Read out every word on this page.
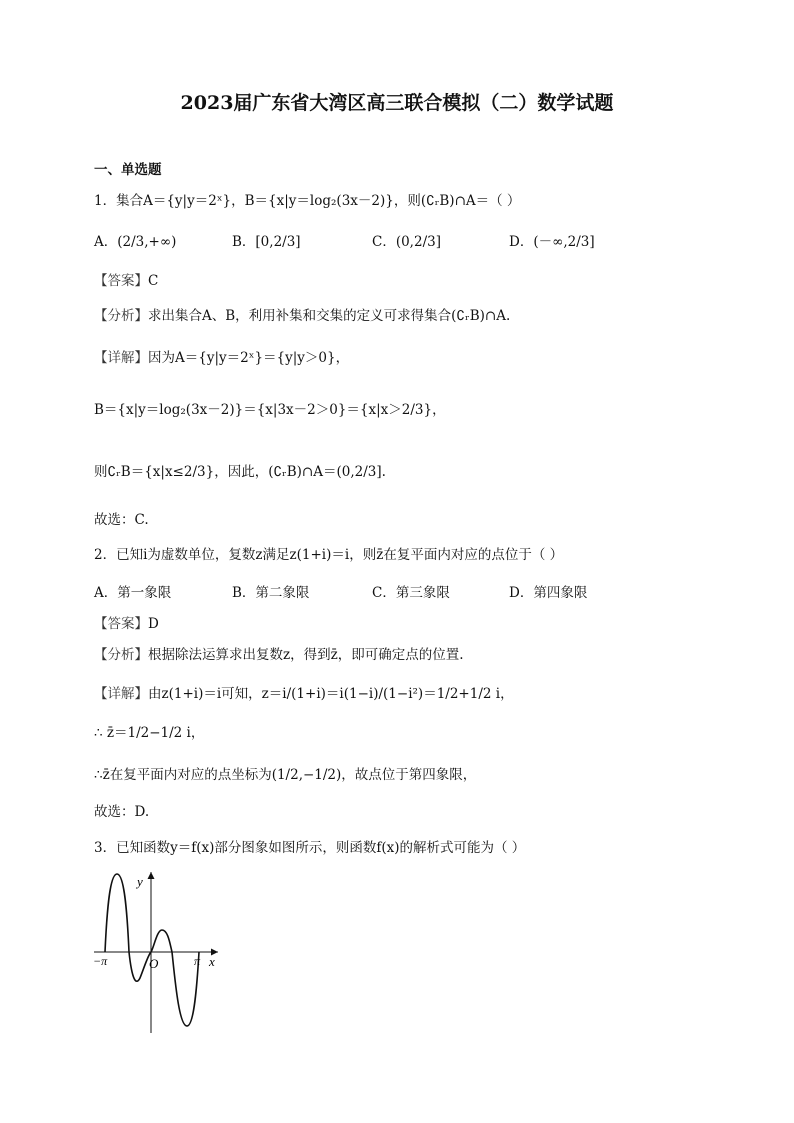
2023届广东省大湾区高三联合模拟（二）数学试题
一、单选题
1．集合A＝{y|y＝2ˣ}，B＝{x|y＝log₂(3x－2)}，则(∁ᵣB)∩A＝（ ）
A．(2/3,+∞)	B．[0,2/3]	C．(0,2/3]	D．(－∞,2/3]
【答案】C
【分析】求出集合A、B，利用补集和交集的定义可求得集合(∁ᵣB)∩A.
【详解】因为A＝{y|y＝2ˣ}＝{y|y＞0}，
B＝{x|y＝log₂(3x－2)}＝{x|3x－2＞0}＝{x|x＞2/3}，
则∁ᵣB＝{x|x≤2/3}，因此，(∁ᵣB)∩A＝(0,2/3].
故选：C.
2．已知i为虚数单位，复数z满足z(1+i)＝i，则z̄在复平面内对应的点位于（ ）
A．第一象限	B．第二象限	C．第三象限	D．第四象限
【答案】D
【分析】根据除法运算求出复数z，得到z̄，即可确定点的位置.
【详解】由z(1+i)＝i可知，z＝i/(1+i)＝i(1−i)/(1−i²)＝1/2+1/2 i，
∴ z̄＝1/2−1/2 i，
∴z̄在复平面内对应的点坐标为(1/2,−1/2)，故点位于第四象限，
故选：D.
3．已知函数y＝f(x)部分图象如图所示，则函数f(x)的解析式可能为（ ）
y
x
O
−π	π
